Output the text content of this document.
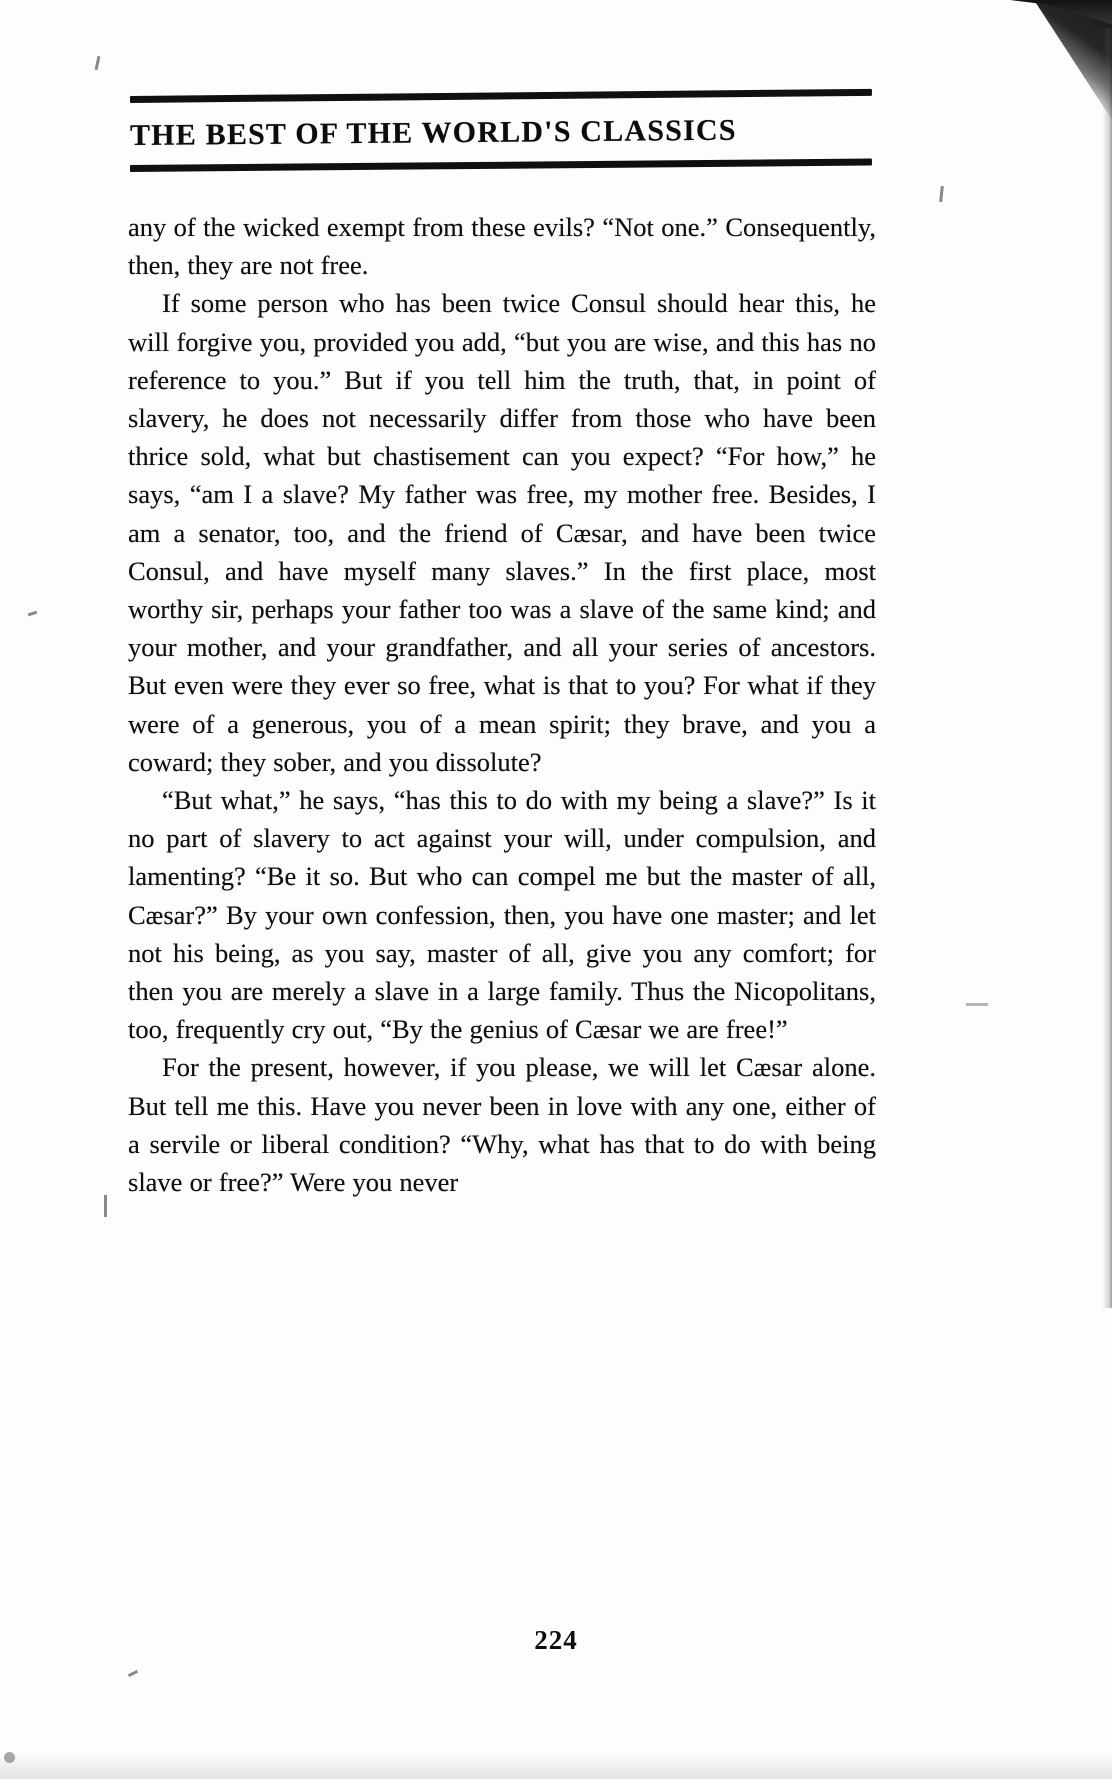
THE BEST OF THE WORLD'S CLASSICS

any of the wicked exempt from these evils? “Not one.” Consequently, then, they are not free.

If some person who has been twice Consul should hear this, he will forgive you, provided you add, “but you are wise, and this has no reference to you.” But if you tell him the truth, that, in point of slavery, he does not necessarily differ from those who have been thrice sold, what but chastisement can you expect? “For how,” he says, “am I a slave? My father was free, my mother free. Besides, I am a senator, too, and the friend of Cæsar, and have been twice Consul, and have myself many slaves.” In the first place, most worthy sir, perhaps your father too was a slave of the same kind; and your mother, and your grandfather, and all your series of ancestors. But even were they ever so free, what is that to you? For what if they were of a generous, you of a mean spirit; they brave, and you a coward; they sober, and you dissolute?

“But what,” he says, “has this to do with my being a slave?” Is it no part of slavery to act against your will, under compulsion, and lamenting? “Be it so. But who can compel me but the master of all, Cæsar?” By your own confession, then, you have one master; and let not his being, as you say, master of all, give you any comfort; for then you are merely a slave in a large family. Thus the Nicopolitans, too, frequently cry out, “By the genius of Cæsar we are free!”

For the present, however, if you please, we will let Cæsar alone. But tell me this. Have you never been in love with any one, either of a servile or liberal condition? “Why, what has that to do with being slave or free?” Were you never

224
